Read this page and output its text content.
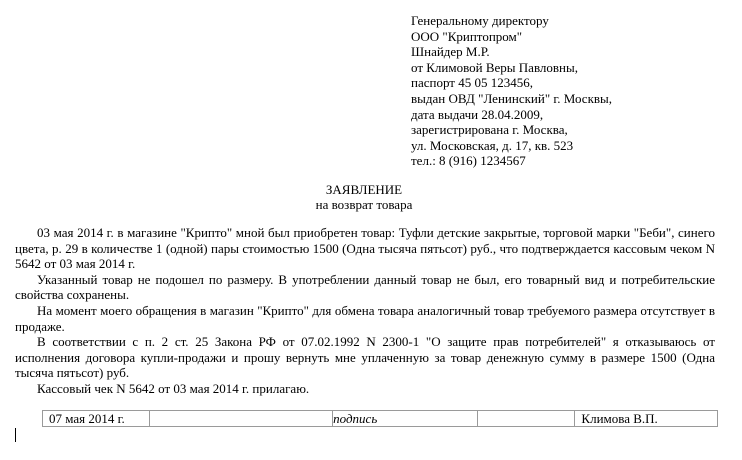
Генеральному директору
ООО "Криптопром"
Шнайдер М.Р.
от Климовой Веры Павловны,
паспорт 45 05 123456,
выдан ОВД "Ленинский" г. Москвы,
дата выдачи 28.04.2009,
зарегистрирована г. Москва,
ул. Московская, д. 17, кв. 523
тел.: 8 (916) 1234567
ЗАЯВЛЕНИЕ
на возврат товара

03 мая 2014 г. в магазине "Крипто" мной был приобретен товар: Туфли детские закрытые, торговой марки "Беби", синего цвета, р. 29 в количестве 1 (одной) пары стоимостью 1500 (Одна тысяча пятьсот) руб., что подтверждается кассовым чеком N 5642 от 03 мая 2014 г.

Указанный товар не подошел по размеру. В употреблении данный товар не был, его товарный вид и потребительские свойства сохранены.

На момент моего обращения в магазин "Крипто" для обмена товара аналогичный товар требуемого размера отсутствует в продаже.

В соответствии с п. 2 ст. 25 Закона РФ от 07.02.1992 N 2300-1 "О защите прав потребителей" я отказываюсь от исполнения договора купли-продажи и прошу вернуть мне уплаченную за товар денежную сумму в размере 1500 (Одна тысяча пятьсот) руб.

Кассовый чек N 5642 от 03 мая 2014 г. прилагаю.

07 мая 2014 г.	подпись	Климова В.П.
